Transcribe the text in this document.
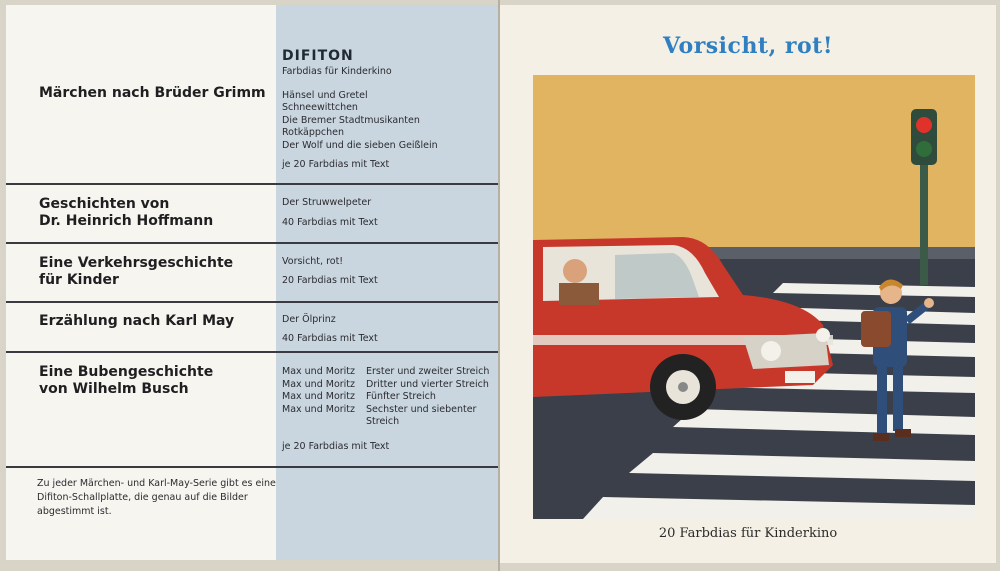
Märchen nach Brüder Grimm
DIFITON
Farbdias für Kinderkino
Hänsel und Gretel
Schneewittchen
Die Bremer Stadtmusikanten
Rotkäppchen
Der Wolf und die sieben Geißlein
je 20 Farbdias mit Text
Geschichten von
Dr. Heinrich Hoffmann
Der Struwwelpeter
40 Farbdias mit Text
Eine Verkehrsgeschichte
für Kinder
Vorsicht, rot!
20 Farbdias mit Text
Erzählung nach Karl May	Der Ölprinz
40 Farbdias mit Text
Eine Bubengeschichte
von Wilhelm Busch
Max und Moritz
Max und Moritz
Max und Moritz
Max und Moritz
Erster und zweiter Streich
Dritter und vierter Streich
Fünfter Streich
Sechster und siebenter Streich
je 20 Farbdias mit Text
Zu jeder Märchen- und Karl-May-Serie gibt es eine Difiton-Schallplatte, die genau auf die Bilder abgestimmt ist.
Vorsicht, rot!
20 Farbdias für Kinderkino
